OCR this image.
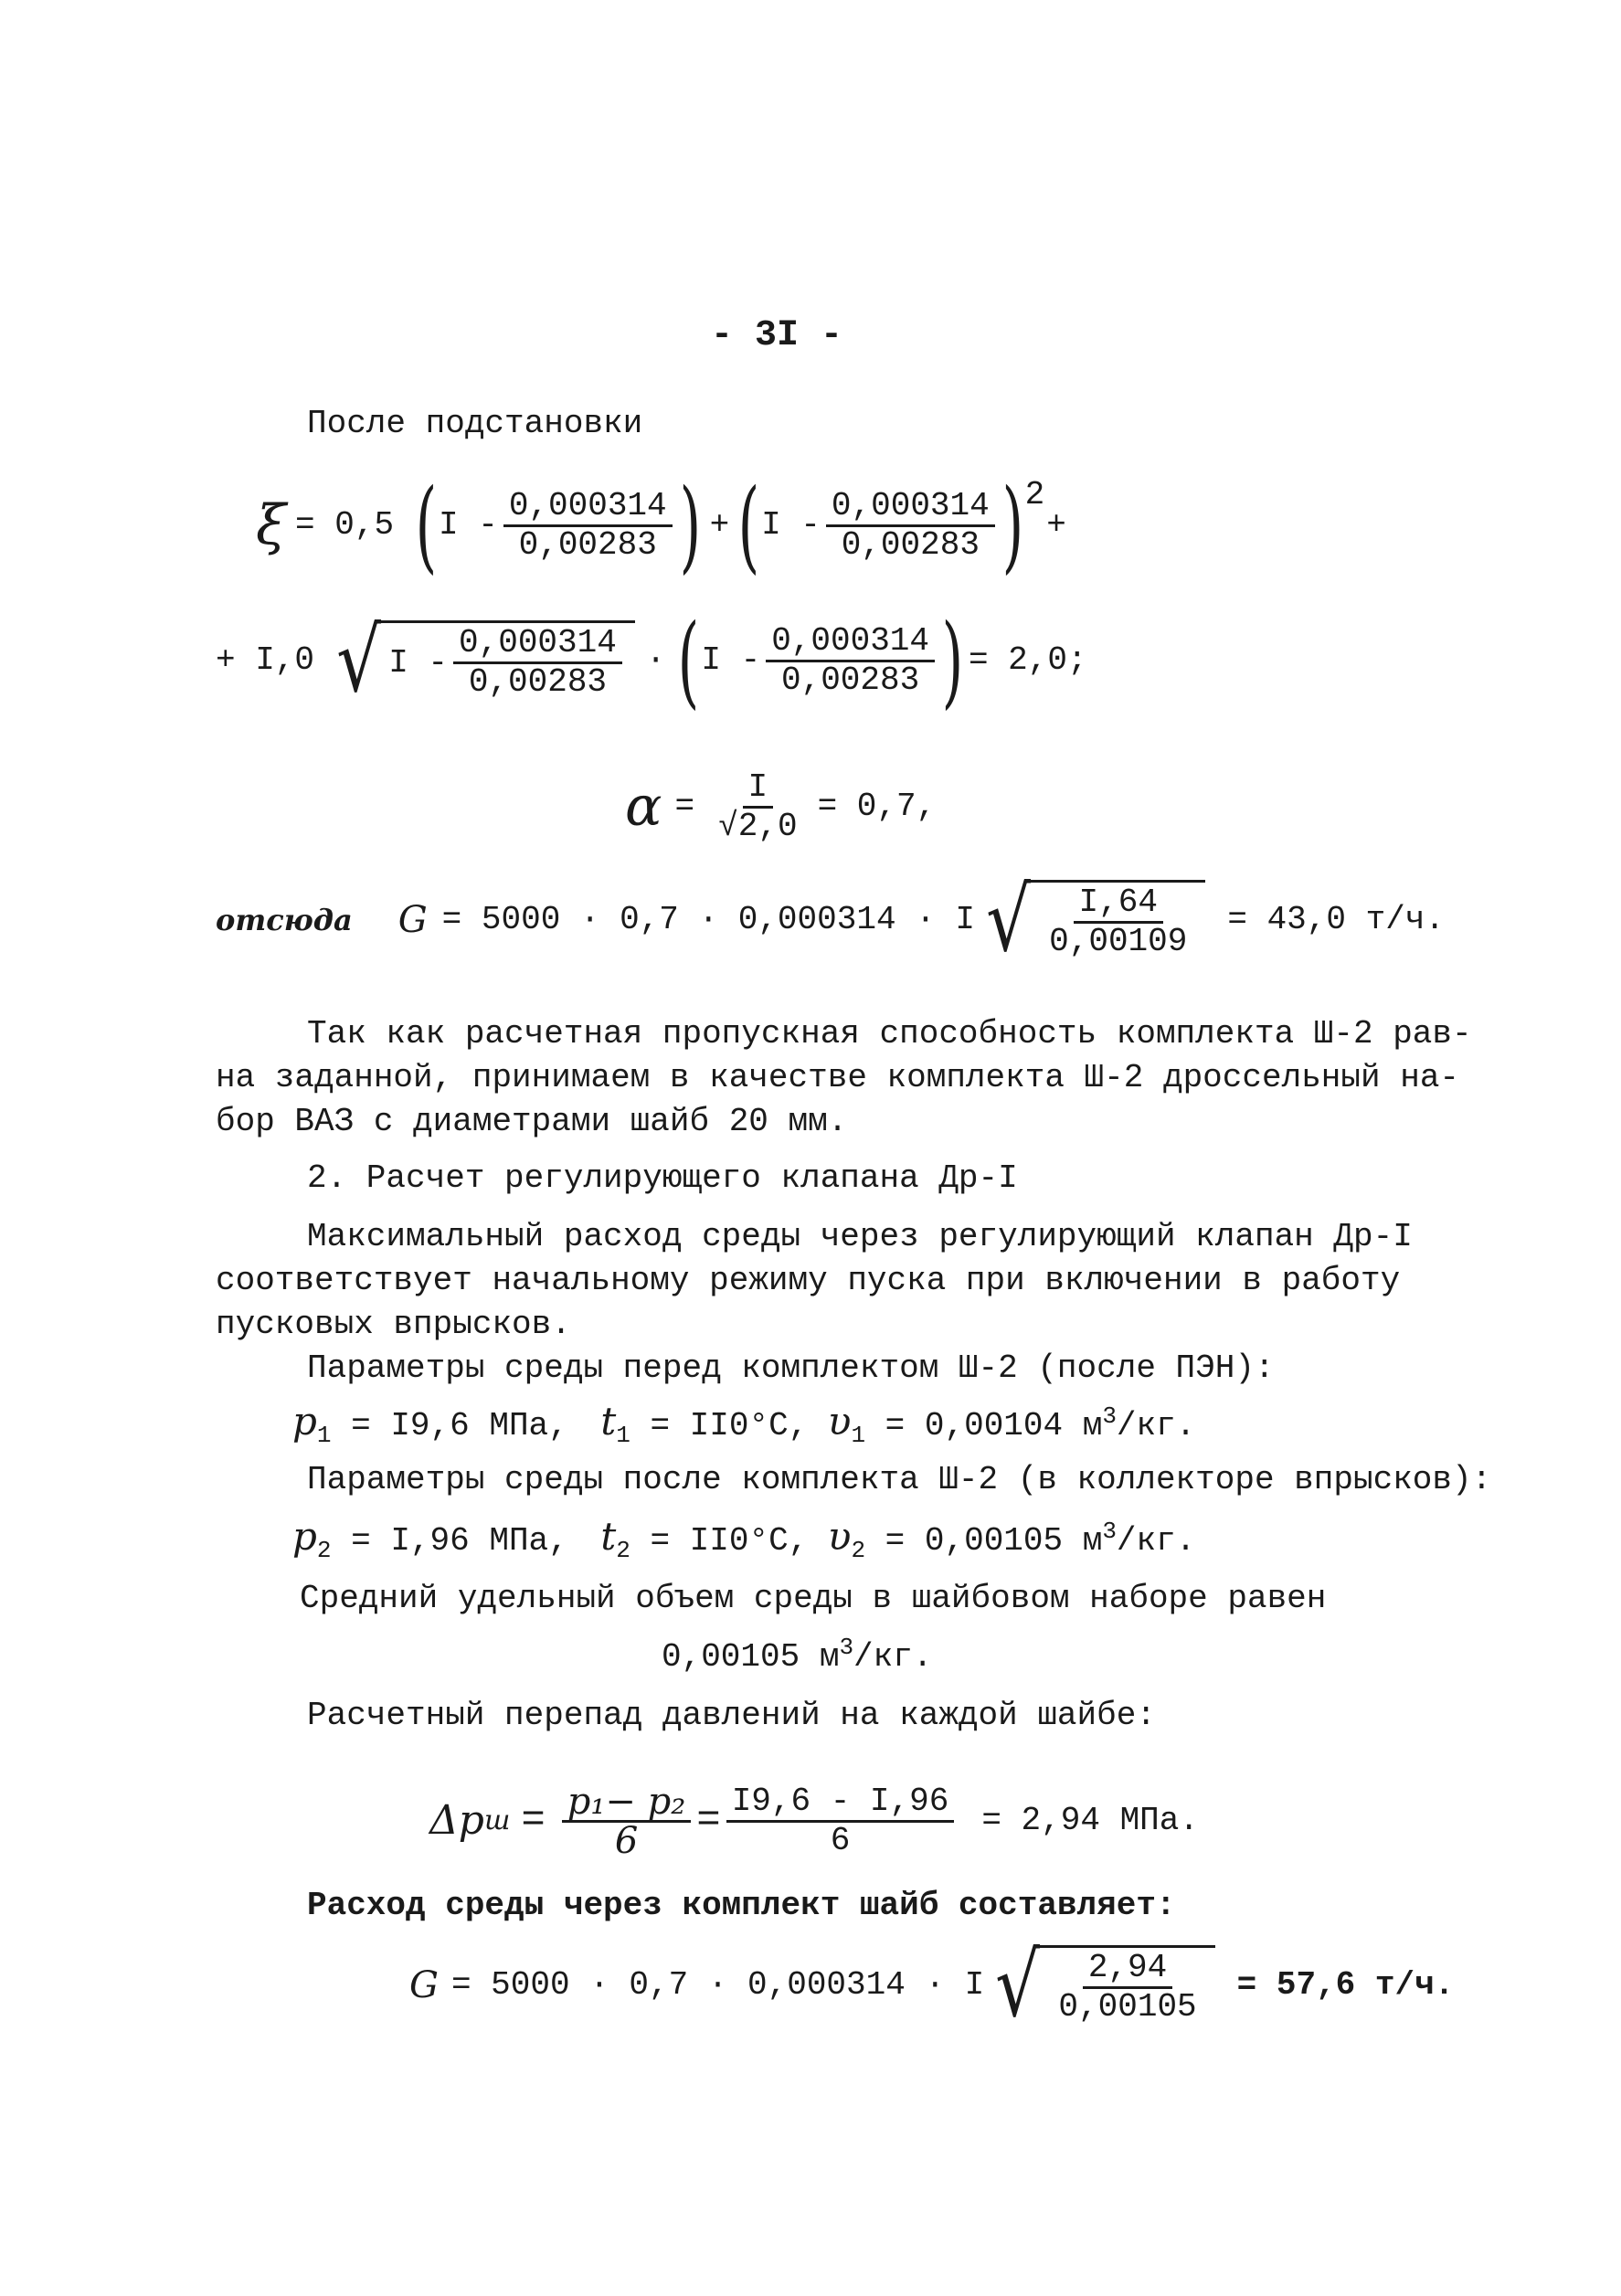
- 3I -
После подстановки
ξ = 0,5 ( I - $\frac{0,000314}{0,00283}$ ) + ( I - $\frac{0,000314}{0,00283}$ ) 2
+
+ I,0 √ I - $\frac{0,000314}{0,00283}$ · ( I - $\frac{0,000314}{0,00283}$ ) = 2,0;
$\alpha = \frac{I}{√2,0} = 0,7$,
отсюда G = 5000 · 0,7 · 0,000314 · I √ $\frac{I,64}{0,00109} = 43,0$ т/ч.
Так как расчетная пропускная способность комплекта Ш-2 рав-
на заданной, принимаем в качестве комплекта Ш-2 дроссельный на-
бор ВАЗ с диаметрами шайб 20 мм.
2. Расчет регулирующего клапана Др-I
Максимальный расход среды через регулирующий клапан Др-I
соответствует начальному режиму пуска при включении в работу
пусковых впрысков.
Параметры среды перед комплектом Ш-2 (после ПЭН):
$p_1 = I9,6$ МПа, $t_1 = II0^\circ C$, $\upsilon_1 = 0,00104$ $м^3/кг$.
Параметры среды после комплекта Ш-2 (в коллекторе впрысков):
$p_2 = I,96$ МПа, $t_2 = II0^\circ C$, $\upsilon_2 = 0,00105$ $м^3/кг$.
Средний удельный объем среды в шайбовом наборе равен
0,00105 $м^3/кг$.
Расчетный перепад давлений на каждой шайбе:
Δp $ш = \frac{\text{p₁− p₂}}{6} = \frac{I9,6 - I,96}{6} = 2,94$ МПа.
Расход среды через комплект шайб составляет:
G = 5000 · 0,7 · 0,000314 · I √ $\frac{2,94}{0,00105} = 57,6$ т/ч.
